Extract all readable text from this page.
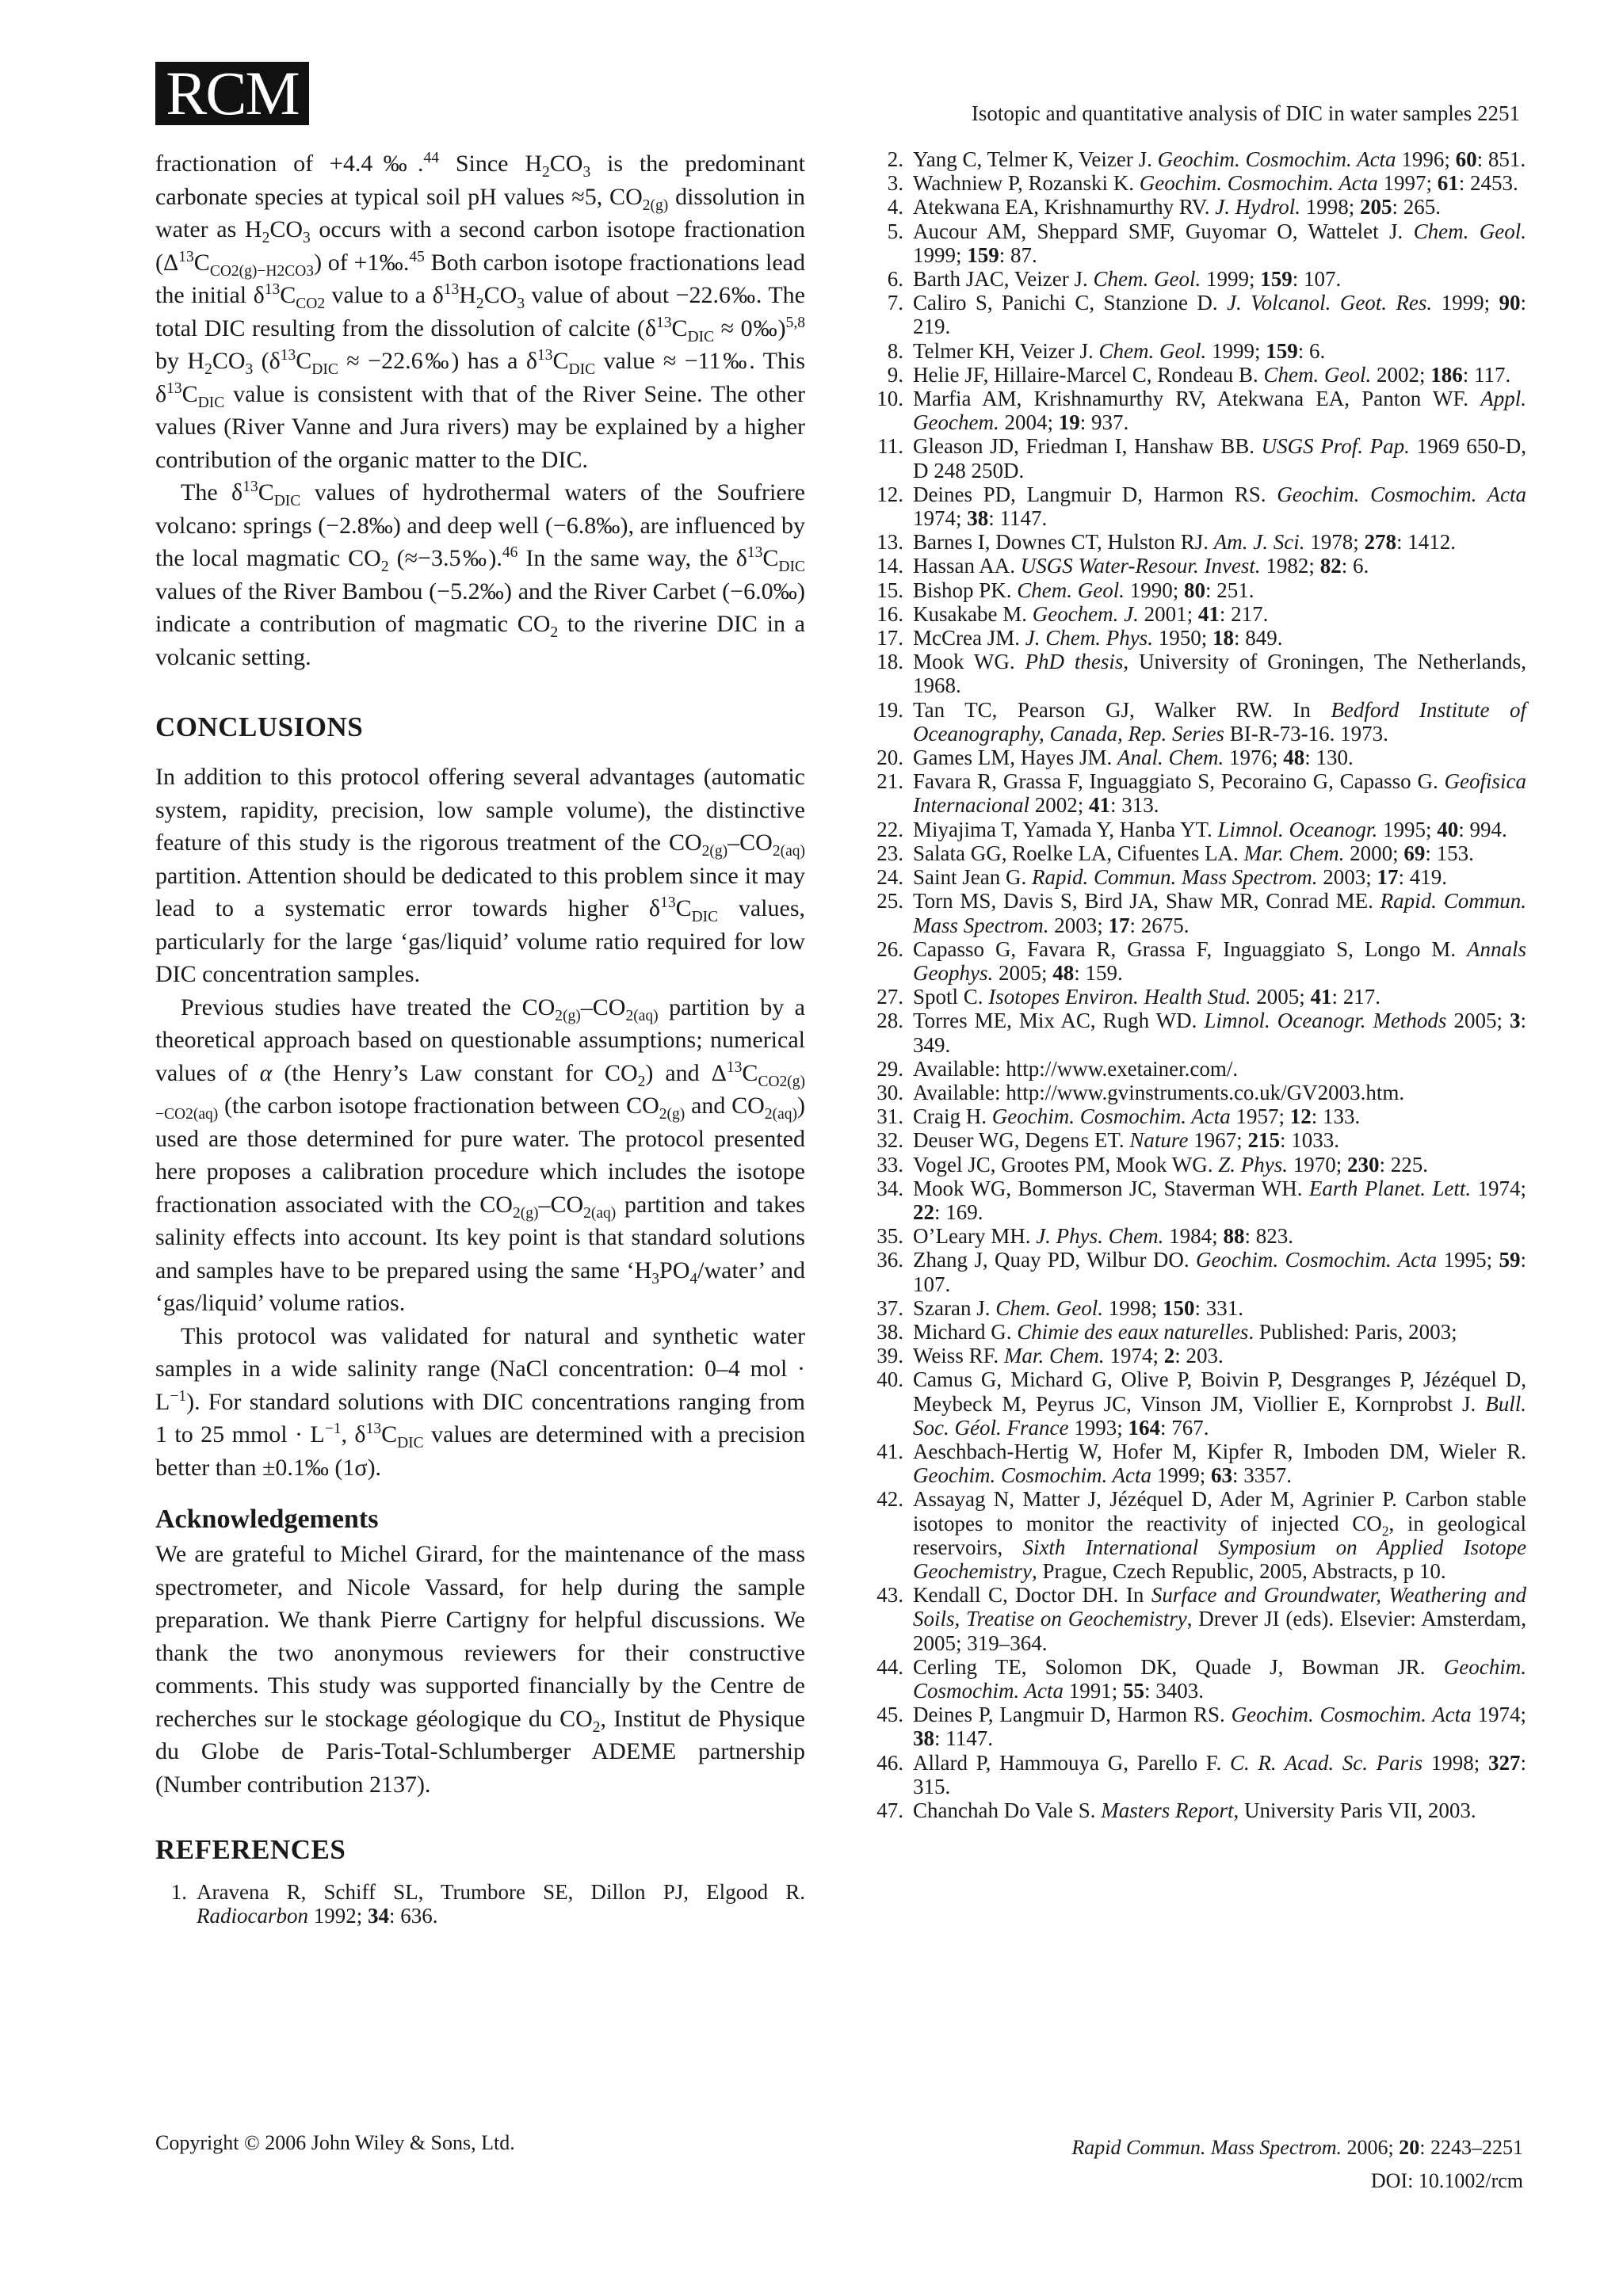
RCM	Isotopic and quantitative analysis of DIC in water samples 2251

fractionation of +4.4‰.$^{44}$ Since $H_2CO_3$ is the predominant carbonate species at typical soil pH values ≈5, $CO_{2(g)}$ dissolution in water as $H_2CO_3$ occurs with a second carbon isotope fractionation $(\Delta^{13}C_{CO2(g)-H2CO3})$ of +1‰.$^{45}$ Both carbon isotope fractionations lead the initial $\delta^{13}C_{CO2}$ value to a $\delta^{13}H_2CO_3$ value of about −22.6‰. The total DIC resulting from the dissolution of calcite ($\delta^{13}C_{DIC}$ ≈ 0‰)$^{5,8}$ by $H_2CO_3$ ($\delta^{13}C_{DIC}$ ≈ −22.6‰) has a $\delta^{13}C_{DIC}$ value ≈ −11‰. This $\delta^{13}C_{DIC}$ value is consistent with that of the River Seine. The other values (River Vanne and Jura rivers) may be explained by a higher contribution of the organic matter to the DIC.

The $\delta^{13}C_{DIC}$ values of hydrothermal waters of the Soufriere volcano: springs (−2.8‰) and deep well (−6.8‰), are influenced by the local magmatic $CO_2$ (≈−3.5‰).$^{46}$ In the same way, the $\delta^{13}C_{DIC}$ values of the River Bambou (−5.2‰) and the River Carbet (−6.0‰) indicate a contribution of magmatic $CO_2$ to the riverine DIC in a volcanic setting.

CONCLUSIONS

In addition to this protocol offering several advantages (automatic system, rapidity, precision, low sample volume), the distinctive feature of this study is the rigorous treatment of the $CO_{2(g)}-CO_{2(aq)}$ partition. Attention should be dedicated to this problem since it may lead to a systematic error towards higher $\delta^{13}C_{DIC}$ values, particularly for the large ‘gas/liquid’ volume ratio required for low DIC concentration samples.

Previous studies have treated the $CO_{2(g)}-CO_{2(aq)}$ partition by a theoretical approach based on questionable assumptions; numerical values of α (the Henry’s Law constant for $CO_2$) and $\Delta^{13}C_{CO2(g)-CO2(aq)}$ (the carbon isotope fractionation between $CO_{2(g)}$ and $CO_{2(aq)}$) used are those determined for pure water. The protocol presented here proposes a calibration procedure which includes the isotope fractionation associated with the $CO_{2(g)}-CO_{2(aq)}$ partition and takes salinity effects into account. Its key point is that standard solutions and samples have to be prepared using the same ‘$H_3PO_4$/water’ and ‘gas/liquid’ volume ratios.

This protocol was validated for natural and synthetic water samples in a wide salinity range (NaCl concentration: 0–4 mol · $L^{-1}$). For standard solutions with DIC concentrations ranging from 1 to 25 mmol · $L^{-1}$, $\delta^{13}C_{DIC}$ values are determined with a precision better than ±0.1‰ (1σ).

Acknowledgements

We are grateful to Michel Girard, for the maintenance of the mass spectrometer, and Nicole Vassard, for help during the sample preparation. We thank Pierre Cartigny for helpful discussions. We thank the two anonymous reviewers for their constructive comments. This study was supported financially by the Centre de recherches sur le stockage géologique du $CO_2$, Institut de Physique du Globe de Paris-Total-Schlumberger ADEME partnership (Number contribution 2137).

REFERENCES
1. Aravena R, Schiff SL, Trumbore SE, Dillon PJ, Elgood R. Radiocarbon 1992; 34: 636.
2. Yang C, Telmer K, Veizer J. Geochim. Cosmochim. Acta 1996; 60: 851.
3. Wachniew P, Rozanski K. Geochim. Cosmochim. Acta 1997; 61: 2453.
4. Atekwana EA, Krishnamurthy RV. J. Hydrol. 1998; 205: 265.
5. Aucour AM, Sheppard SMF, Guyomar O, Wattelet J. Chem. Geol. 1999; 159: 87.
6. Barth JAC, Veizer J. Chem. Geol. 1999; 159: 107.
7. Caliro S, Panichi C, Stanzione D. J. Volcanol. Geot. Res. 1999; 90: 219.
8. Telmer KH, Veizer J. Chem. Geol. 1999; 159: 6.
9. Helie JF, Hillaire-Marcel C, Rondeau B. Chem. Geol. 2002; 186: 117.
10. Marfia AM, Krishnamurthy RV, Atekwana EA, Panton WF. Appl. Geochem. 2004; 19: 937.
11. Gleason JD, Friedman I, Hanshaw BB. USGS Prof. Pap. 1969 650-D, D 248 250D.
12. Deines PD, Langmuir D, Harmon RS. Geochim. Cosmochim. Acta 1974; 38: 1147.
13. Barnes I, Downes CT, Hulston RJ. Am. J. Sci. 1978; 278: 1412.
14. Hassan AA. USGS Water-Resour. Invest. 1982; 82: 6.
15. Bishop PK. Chem. Geol. 1990; 80: 251.
16. Kusakabe M. Geochem. J. 2001; 41: 217.
17. McCrea JM. J. Chem. Phys. 1950; 18: 849.
18. Mook WG. PhD thesis, University of Groningen, The Netherlands, 1968.
19. Tan TC, Pearson GJ, Walker RW. In Bedford Institute of Oceanography, Canada, Rep. Series BI-R-73-16. 1973.
20. Games LM, Hayes JM. Anal. Chem. 1976; 48: 130.
21. Favara R, Grassa F, Inguaggiato S, Pecoraino G, Capasso G. Geofisica Internacional 2002; 41: 313.
22. Miyajima T, Yamada Y, Hanba YT. Limnol. Oceanogr. 1995; 40: 994.
23. Salata GG, Roelke LA, Cifuentes LA. Mar. Chem. 2000; 69: 153.
24. Saint Jean G. Rapid. Commun. Mass Spectrom. 2003; 17: 419.
25. Torn MS, Davis S, Bird JA, Shaw MR, Conrad ME. Rapid. Commun. Mass Spectrom. 2003; 17: 2675.
26. Capasso G, Favara R, Grassa F, Inguaggiato S, Longo M. Annals Geophys. 2005; 48: 159.
27. Spotl C. Isotopes Environ. Health Stud. 2005; 41: 217.
28. Torres ME, Mix AC, Rugh WD. Limnol. Oceanogr. Methods 2005; 3: 349.
29. Available: http://www.exetainer.com/.
30. Available: http://www.gvinstruments.co.uk/GV2003.htm.
31. Craig H. Geochim. Cosmochim. Acta 1957; 12: 133.
32. Deuser WG, Degens ET. Nature 1967; 215: 1033.
33. Vogel JC, Grootes PM, Mook WG. Z. Phys. 1970; 230: 225.
34. Mook WG, Bommerson JC, Staverman WH. Earth Planet. Lett. 1974; 22: 169.
35. O’Leary MH. J. Phys. Chem. 1984; 88: 823.
36. Zhang J, Quay PD, Wilbur DO. Geochim. Cosmochim. Acta 1995; 59: 107.
37. Szaran J. Chem. Geol. 1998; 150: 331.
38. Michard G. Chimie des eaux naturelles. Published: Paris, 2003;
39. Weiss RF. Mar. Chem. 1974; 2: 203.
40. Camus G, Michard G, Olive P, Boivin P, Desgranges P, Jézéquel D, Meybeck M, Peyrus JC, Vinson JM, Viollier E, Kornprobst J. Bull. Soc. Géol. France 1993; 164: 767.
41. Aeschbach-Hertig W, Hofer M, Kipfer R, Imboden DM, Wieler R. Geochim. Cosmochim. Acta 1999; 63: 3357.
42. Assayag N, Matter J, Jézéquel D, Ader M, Agrinier P. Carbon stable isotopes to monitor the reactivity of injected $CO_2$, in geological reservoirs, Sixth International Symposium on Applied Isotope Geochemistry, Prague, Czech Republic, 2005, Abstracts, p 10.
43. Kendall C, Doctor DH. In Surface and Groundwater, Weathering and Soils, Treatise on Geochemistry, Drever JI (eds). Elsevier: Amsterdam, 2005; 319–364.
44. Cerling TE, Solomon DK, Quade J, Bowman JR. Geochim. Cosmochim. Acta 1991; 55: 3403.
45. Deines P, Langmuir D, Harmon RS. Geochim. Cosmochim. Acta 1974; 38: 1147.
46. Allard P, Hammouya G, Parello F. C. R. Acad. Sc. Paris 1998; 327: 315.
47. Chanchah Do Vale S. Masters Report, University Paris VII, 2003.
Copyright © 2006 John Wiley & Sons, Ltd.	Rapid Commun. Mass Spectrom. 2006; 20: 2243–2251
DOI: 10.1002/rcm
